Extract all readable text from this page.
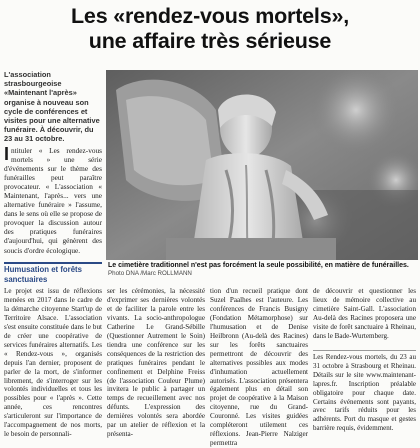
Les «rendez-vous mortels»,
une affaire très sérieuse
L'association strasbourgeoise «Maintenant l'après» organise à nouveau son cycle de conférences et visites pour une alternative funéraire. À découvrir, du 23 au 31 octobre.
Intituler « Les rendez-vous mortels » une série d'événements sur le thème des funérailles peut paraître provocateur. « L'association « Maintenant, l'après... vers une alternative funéraire » l'assume, dans le sens où elle se propose de provoquer la discussion autour des pratiques funéraires d'aujourd'hui, qui génèrent des soucis d'ordre écologique.
Le cimetière traditionnel n'est pas forcément la seule possibilité, en matière de funérailles.
Photo DNA /Marc ROLLMANN
Humusation et forêts sanctuaires

Le projet est issu de réflexions menées en 2017 dans le cadre de la démarche citoyenne Start'up de Territoire Alsace. L'association s'est ensuite constituée dans le but de créer une coopérative de services funéraires alternatifs. Les « Rendez-vous », organisés depuis l'an dernier, proposent de parler de la mort, de s'informer librement, de s'interroger sur les volontés individuelles et tous les possibles pour « l'après ». Cette année, ces rencontres s'articuleront sur l'importance de l'accompagnement de nos morts, le besoin de personnali-

ser les cérémonies, la nécessité d'exprimer ses dernières volontés et de faciliter la parole entre les vivants. La socio-anthropologue Catherine Le Grand-Sébille (Questionner Autrement le Soin) tiendra une conférence sur les conséquences de la restriction des pratiques funéraires pendant le confinement et Delphine Freiss (de l'association Couleur Plume) invitera le public à partager un temps de recueillement avec nos défunts. L'expression des dernières volontés sera abordée par un atelier de réflexion et la présenta-

tion d'un recueil pratique dont Suzel Paalhes est l'auteure. Les conférences de Francis Busigny (Fondation Métamorphose) sur l'humusation et de Denise Heilbronn (Au-delà des Racines) sur les forêts sanctuaires permettront de découvrir des alternatives possibles aux modes d'inhumation actuellement autorisés. L'association présentera également plus en détail son projet de coopérative à la Maison citoyenne, rue du Grand-Couronné. Les visites guidées compléteront utilement ces réflexions. Jean-Pierre Nalziger permettra

de découvrir et questionner les lieux de mémoire collective au cimetière Saint-Gall. L'association Au-delà des Racines proposera une visite de forêt sanctuaire à Rheinau, dans le Bade-Wurtemberg.

Les Rendez-vous mortels, du 23 au 31 octobre à Strasbourg et Rheinau. Détails sur le site www.maintenant-lapres.fr. Inscription préalable obligatoire pour chaque date. Certains événements sont payants, avec tarifs réduits pour les adhérents. Port du masque et gestes barrière requis, évidemment.
